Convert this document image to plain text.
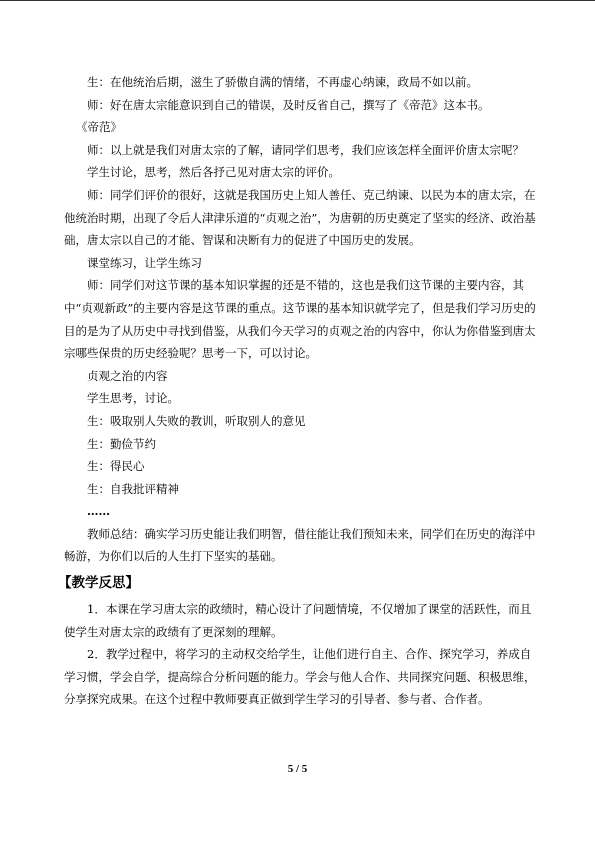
生：在他统治后期，滋生了骄傲自满的情绪，不再虚心纳谏，政局不如以前。

师：好在唐太宗能意识到自己的错误，及时反省自己，撰写了《帝范》这本书。

《帝范》

师：以上就是我们对唐太宗的了解，请同学们思考，我们应该怎样全面评价唐太宗呢？

学生讨论，思考，然后各抒己见对唐太宗的评价。

师：同学们评价的很好，这就是我国历史上知人善任、克己纳谏、以民为本的唐太宗，在他统治时期，出现了令后人津津乐道的“贞观之治”，为唐朝的历史奠定了坚实的经济、政治基础，唐太宗以自己的才能、智谋和决断有力的促进了中国历史的发展。

课堂练习，让学生练习

师：同学们对这节课的基本知识掌握的还是不错的，这也是我们这节课的主要内容，其中“贞观新政”的主要内容是这节课的重点。这节课的基本知识就学完了，但是我们学习历史的目的是为了从历史中寻找到借鉴，从我们今天学习的贞观之治的内容中，你认为你借鉴到唐太宗哪些保贵的历史经验呢？思考一下，可以讨论。

贞观之治的内容

学生思考，讨论。

生：吸取别人失败的教训，听取别人的意见

生：勤俭节约

生：得民心

生：自我批评精神

……

教师总结：确实学习历史能让我们明智，借往能让我们预知未来，同学们在历史的海洋中畅游，为你们以后的人生打下坚实的基础。

【教学反思】

1．本课在学习唐太宗的政绩时，精心设计了问题情境，不仅增加了课堂的活跃性，而且使学生对唐太宗的政绩有了更深刻的理解。

2．教学过程中，将学习的主动权交给学生，让他们进行自主、合作、探究学习，养成自学习惯，学会自学，提高综合分析问题的能力。学会与他人合作、共同探究问题、积极思维，分享探究成果。在这个过程中教师要真正做到学生学习的引导者、参与者、合作者。

5 / 5
